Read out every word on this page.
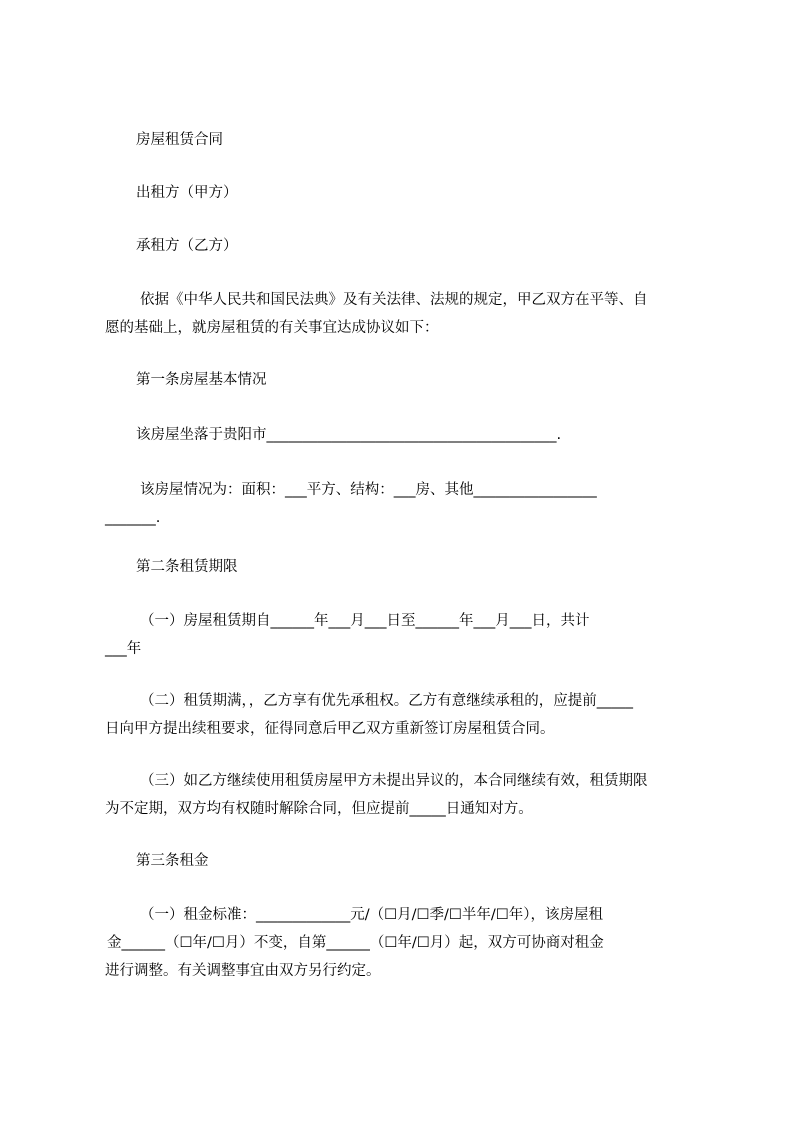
房屋租赁合同
出租方（甲方）
承租方（乙方）
依据《中华人民共和国民法典》及有关法律、法规的规定，甲乙双方在平等、自
愿的基础上，就房屋租赁的有关事宜达成协议如下：
第一条房屋基本情况
该房屋坐落于贵阳市________________________________________.
该房屋情况为：面积：___平方、结构：___房、其他_________________
_______.
第二条租赁期限
（一）房屋租赁期自______年___月___日至______年___月___日，共计
___年
（二）租赁期满，，乙方享有优先承租权。乙方有意继续承租的，应提前_____
日向甲方提出续租要求，征得同意后甲乙双方重新签订房屋租赁合同。
（三）如乙方继续使用租赁房屋甲方未提出异议的，本合同继续有效，租赁期限
为不定期，双方均有权随时解除合同，但应提前_____日通知对方。
第三条租金
（一）租金标准：_____________元/（☐月/☐季/☐半年/☐年），该房屋租
金______（☐年/☐月）不变，自第______（☐年/☐月）起，双方可协商对租金
进行调整。有关调整事宜由双方另行约定。
